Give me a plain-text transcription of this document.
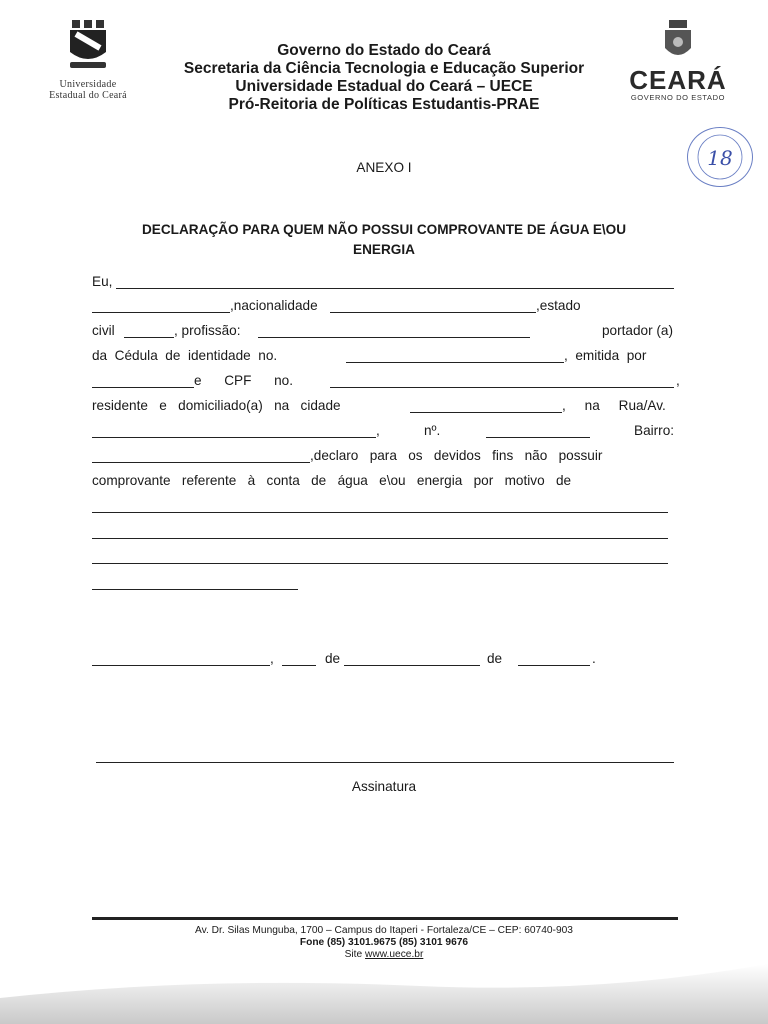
Universidade
Estadual do Ceará
Governo do Estado do Ceará
Secretaria da Ciência Tecnologia e Educação Superior
Universidade Estadual do Ceará – UECE
Pró-Reitoria de Políticas Estudantis-PRAE
CEARÁ
GOVERNO DO ESTADO
18
ANEXO I
DECLARAÇÃO PARA QUEM NÃO POSSUI COMPROVANTE DE ÁGUA E\OU
ENERGIA
Eu,
,nacionalidade	,estado
civil	, profissão:	portador (a)
da  Cédula  de  identidade  no.	,  emitida  por
e      CPF      no.	,
residente   e   domiciliado(a)   na   cidade	,     na     Rua/Av.
,	nº.	Bairro:
,declaro   para   os   devidos   fins   não   possuir
comprovante   referente   à   conta   de   água   e\ou   energia   por   motivo   de
,	de	de	.
Assinatura
Av. Dr. Silas Munguba, 1700 – Campus do Itaperi - Fortaleza/CE – CEP: 60740-903
Fone (85) 3101.9675 (85) 3101 9676
Site www.uece.br
